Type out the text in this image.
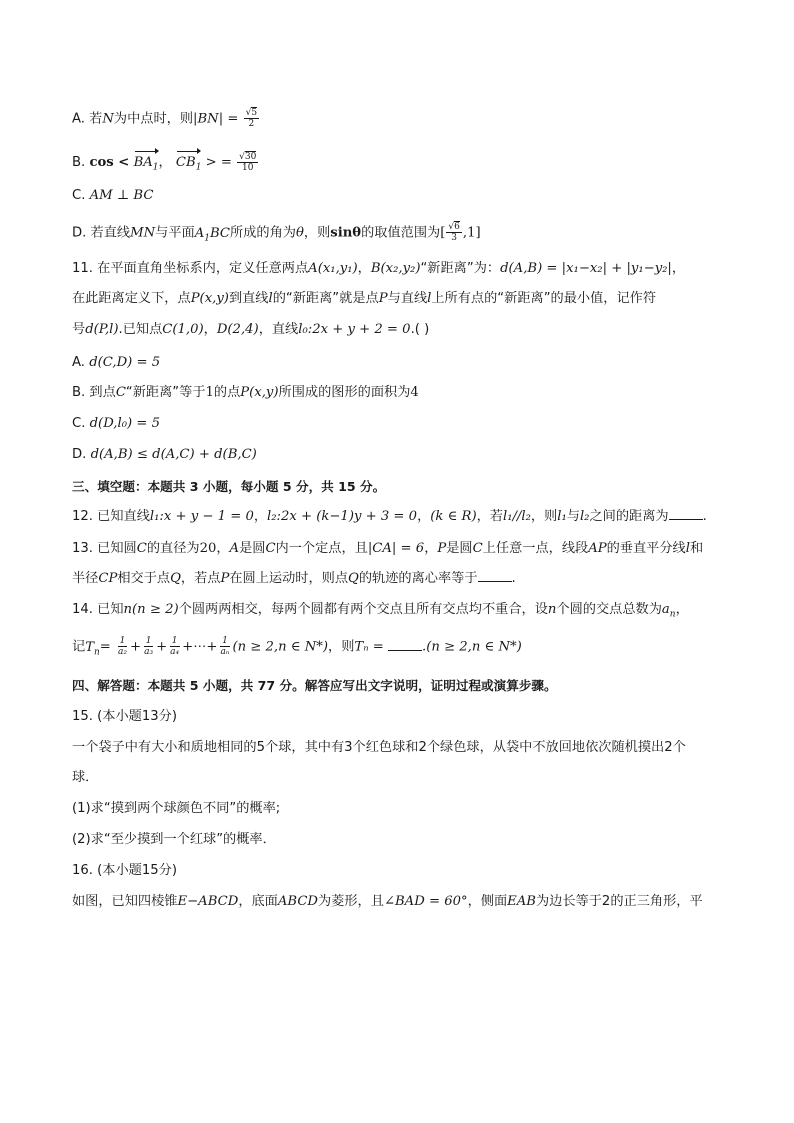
A. 若N为中点时，则$|BN| = \frac{√5}{2}$
B. $\cos < BA_1$， $CB_1$ > = $\frac{√30}{10}$
C. AM ⊥ BC
D. 若直线MN与平面$A_1BC$所成的角为θ，则sinθ的取值范围为[ $\frac{√6}{3} ,1$]
11. 在平面直角坐标系内，定义任意两点A(x₁,y₁)，B(x₂,y₂)“新距离”为：d(A,B) = |x₁−x₂| + |y₁−y₂|，
在此距离定义下，点P(x,y)到直线l的“新距离”就是点P与直线l上所有点的“新距离”的最小值，记作符
号d(P,l).已知点C(1,0)，D(2,4)，直线l₀:2x + y + 2 = 0.( )
A. d(C,D) = 5
B. 到点C“新距离”等于1的点P(x,y)所围成的图形的面积为4
C. d(D,l₀) = 5
D. d(A,B) ≤ d(A,C) + d(B,C)
三、填空题：本题共 3 小题，每小题 5 分，共 15 分。
12. 已知直线l₁:x + y − 1 = 0，l₂:2x + (k−1)y + 3 = 0，(k ∈ R)，若l₁//l₂，则l₁与l₂之间的距离为	.
13. 已知圆C的直径为20，A是圆C内一个定点，且|CA| = 6，P是圆C上任意一点，线段AP的垂直平分线l和
半径CP相交于点Q，若点P在圆上运动时，则点Q的轨迹的离心率等于	.
14. 已知n(n ≥ 2)个圆两两相交，每两个圆都有两个交点且所有交点均不重合，设n个圆的交点总数为$a_n$，
记$T_n= \frac{1}{\text{a₂}} + \frac{1}{\text{a₃}} + \frac{1}{\text{a₄}}$ +⋯+ $\frac{1}{\text{aₙ}} (n \ge 2,n$ ∈ N*)，则Tₙ =	.(n ≥ 2,n ∈ N*)
四、解答题：本题共 5 小题，共 77 分。解答应写出文字说明，证明过程或演算步骤。
15. (本小题13分)
一个袋子中有大小和质地相同的5个球，其中有3个红色球和2个绿色球，从袋中不放回地依次随机摸出2个
球．
(1)求“摸到两个球颜色不同”的概率;
(2)求“至少摸到一个红球”的概率．
16. (本小题15分)
如图，已知四棱锥E−ABCD，底面ABCD为菱形，且∠BAD = 60°，侧面EAB为边长等于2的正三角形，平
